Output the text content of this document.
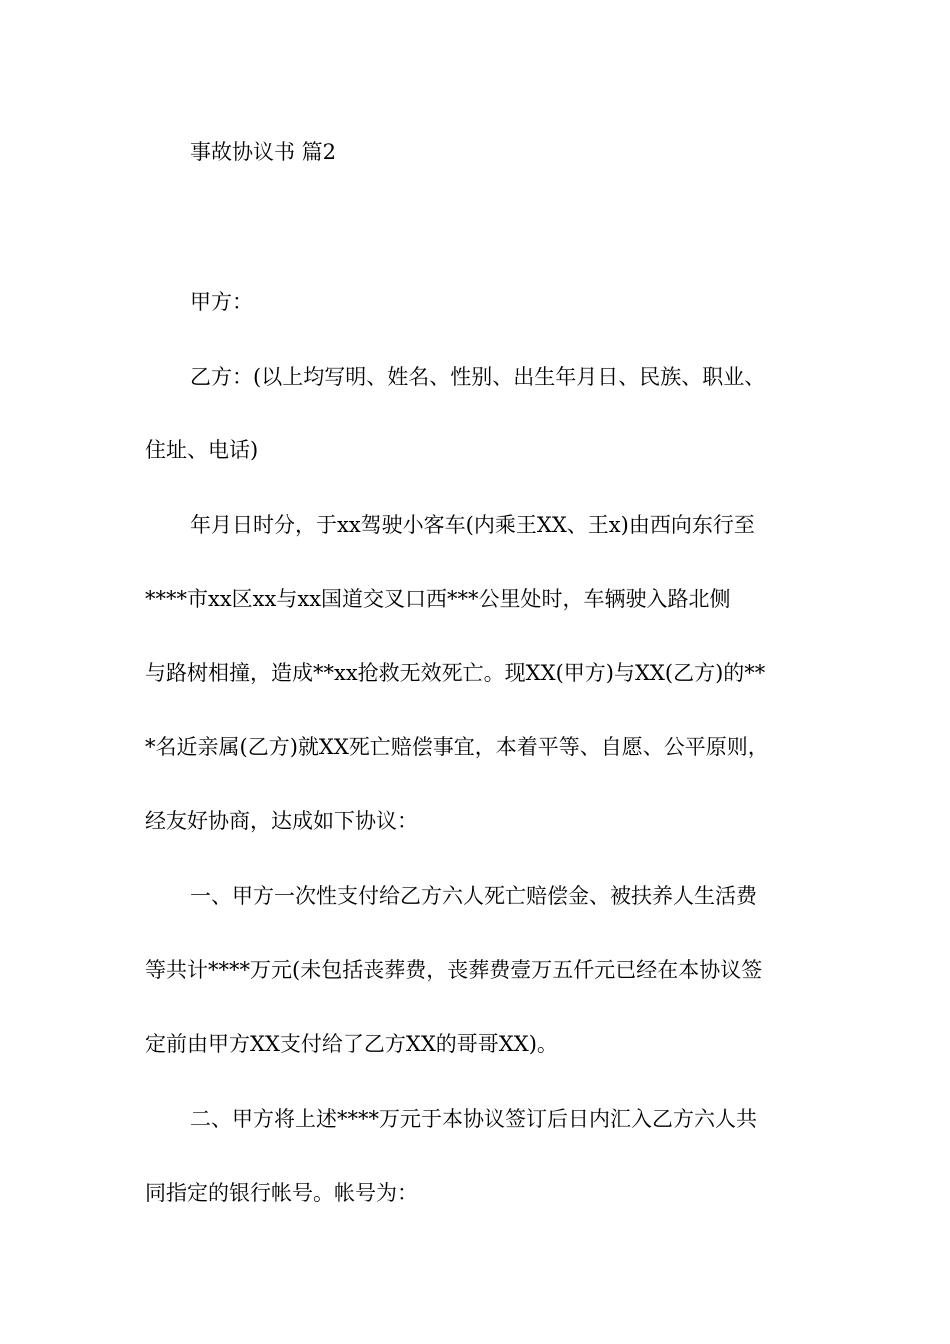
事故协议书 篇2
甲方：
乙方：(以上均写明、姓名、性别、出生年月日、民族、职业、
住址、电话)
年月日时分，于xx驾驶小客车(内乘王XX、王x)由西向东行至
****市xx区xx与xx国道交叉口西***公里处时，车辆驶入路北侧
与路树相撞，造成**xx抢救无效死亡。现XX(甲方)与XX(乙方)的**
*名近亲属(乙方)就XX死亡赔偿事宜，本着平等、自愿、公平原则，
经友好协商，达成如下协议：
一、甲方一次性支付给乙方六人死亡赔偿金、被扶养人生活费
等共计****万元(未包括丧葬费，丧葬费壹万五仟元已经在本协议签
定前由甲方XX支付给了乙方XX的哥哥XX)。
二、甲方将上述****万元于本协议签订后日内汇入乙方六人共
同指定的银行帐号。帐号为：
